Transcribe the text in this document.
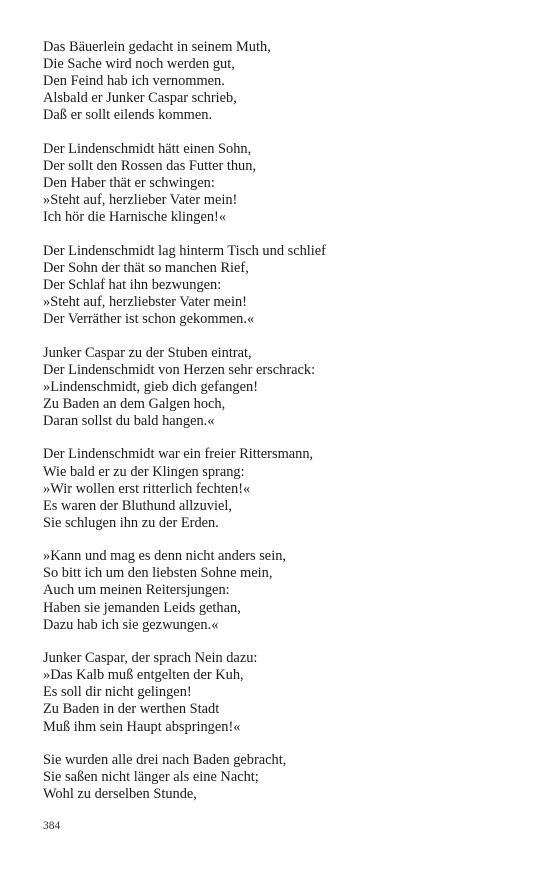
Das Bäuerlein gedacht in seinem Muth,
Die Sache wird noch werden gut,
Den Feind hab ich vernommen.
Alsbald er Junker Caspar schrieb,
Daß er sollt eilends kommen.
Der Lindenschmidt hätt einen Sohn,
Der sollt den Rossen das Futter thun,
Den Haber thät er schwingen:
»Steht auf, herzlieber Vater mein!
Ich hör die Harnische klingen!«
Der Lindenschmidt lag hinterm Tisch und schlief
Der Sohn der thät so manchen Rief,
Der Schlaf hat ihn bezwungen:
»Steht auf, herzliebster Vater mein!
Der Verräther ist schon gekommen.«
Junker Caspar zu der Stuben eintrat,
Der Lindenschmidt von Herzen sehr erschrack:
»Lindenschmidt, gieb dich gefangen!
Zu Baden an dem Galgen hoch,
Daran sollst du bald hangen.«
Der Lindenschmidt war ein freier Rittersmann,
Wie bald er zu der Klingen sprang:
»Wir wollen erst ritterlich fechten!«
Es waren der Bluthund allzuviel,
Sie schlugen ihn zu der Erden.
»Kann und mag es denn nicht anders sein,
So bitt ich um den liebsten Sohne mein,
Auch um meinen Reitersjungen:
Haben sie jemanden Leids gethan,
Dazu hab ich sie gezwungen.«
Junker Caspar, der sprach Nein dazu:
»Das Kalb muß entgelten der Kuh,
Es soll dir nicht gelingen!
Zu Baden in der werthen Stadt
Muß ihm sein Haupt abspringen!«
Sie wurden alle drei nach Baden gebracht,
Sie saßen nicht länger als eine Nacht;
Wohl zu derselben Stunde,
384
